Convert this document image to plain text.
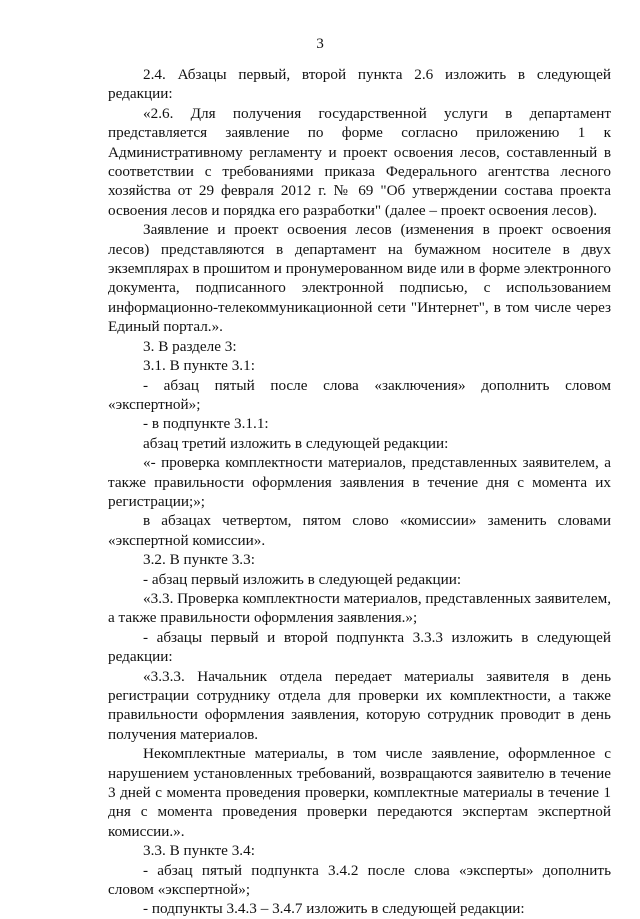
3

2.4. Абзацы первый, второй пункта 2.6 изложить в следующей редакции:

«2.6. Для получения государственной услуги в департамент представляется заявление по форме согласно приложению 1 к Административному регламенту и проект освоения лесов, составленный в соответствии с требованиями приказа Федерального агентства лесного хозяйства от 29 февраля 2012 г. № 69 "Об утверждении состава проекта освоения лесов и порядка его разработки" (далее – проект освоения лесов).

Заявление и проект освоения лесов (изменения в проект освоения лесов) представляются в департамент на бумажном носителе в двух экземплярах в прошитом и пронумерованном виде или в форме электронного документа, подписанного электронной подписью, с использованием информационно-телекоммуникационной сети "Интернет", в том числе через Единый портал.».

3. В разделе 3:

3.1. В пункте 3.1:

- абзац пятый после слова «заключения» дополнить словом «экспертной»;

- в подпункте 3.1.1:

абзац третий изложить в следующей редакции:

«- проверка комплектности материалов, представленных заявителем, а также правильности оформления заявления в течение дня с момента их регистрации;»;

в абзацах четвертом, пятом слово «комиссии» заменить словами «экспертной комиссии».

3.2. В пункте 3.3:

- абзац первый изложить в следующей редакции:

«3.3. Проверка комплектности материалов, представленных заявителем, а также правильности оформления заявления.»;

- абзацы первый и второй подпункта 3.3.3 изложить в следующей редакции:

«3.3.3. Начальник отдела передает материалы заявителя в день регистрации сотруднику отдела для проверки их комплектности, а также правильности оформления заявления, которую сотрудник проводит в день получения материалов.

Некомплектные материалы, в том числе заявление, оформленное с нарушением установленных требований, возвращаются заявителю в течение 3 дней с момента проведения проверки, комплектные материалы в течение 1 дня с момента проведения проверки передаются экспертам экспертной комиссии.».

3.3. В пункте 3.4:

- абзац пятый подпункта 3.4.2 после слова «эксперты» дополнить словом «экспертной»;

- подпункты 3.4.3 – 3.4.7 изложить в следующей редакции:
